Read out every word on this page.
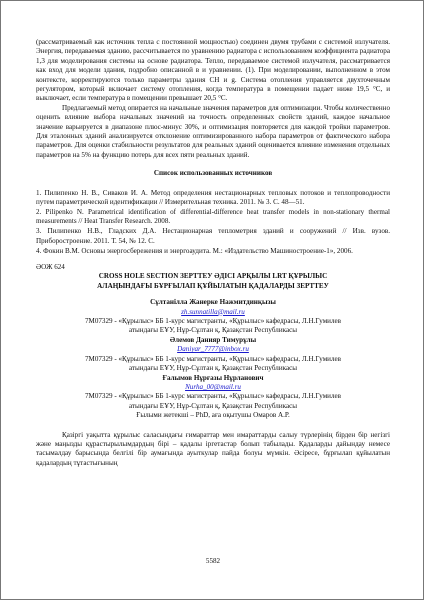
(рассматриваемый как источник тепла с постоянной мощностью) соединен двумя трубами с системой излучателя. Энергия, передаваемая зданию, рассчитывается по уравнению радиатора с использованием коэффициента радиатора 1,3 для моделирования системы на основе радиатора. Тепло, передаваемое системой излучателя, рассматривается как вход для модели здания, подробно описанной в и уравнении. (1). При моделировании, выполненном в этом контексте, корректируются только параметры здания CH и g. Система отопления управляется двухточечным регулятором, который включает систему отопления, когда температура в помещении падает ниже 19,5 °С, и выключает, если температура в помещении превышает 20,5 °С.

Предлагаемый метод опирается на начальные значения параметров для оптимизации. Чтобы количественно оценить влияние выбора начальных значений на точность определенных свойств зданий, каждое начальное значение варьируется в диапазоне плюс-минус 30%, и оптимизация повторяется для каждой тройки параметров. Для эталонных зданий анализируется отклонение оптимизированного набора параметров от фактического набора параметров. Для оценки стабильности результатов для реальных зданий оценивается влияние изменения отдельных параметров на 5% на функцию потерь для всех пяти реальных зданий.

Список использованных источников

1. Пилипенко Н. В., Сиваков И. А. Метод определения нестационарных тепловых потоков и теплопроводности путем параметрической идентификации // Измерительная техника. 2011. № 3. С. 48—51.

2. Pilipenko N. Parametrical identification of differential-difference heat transfer models in non-stationary thermal measurements // Heat Transfer Research. 2008.

3. Пилипенко Н.В., Гладских Д.А. Нестационарная теплометрия зданий и сооружений // Изв. вузов. Приборостроение. 2011. Т. 54, № 12. С.

4. Фокин В.М. Основы энергосбережения и энергоаудита. М.: «Издательство Машиностроение-1», 2006.

ӘОЖ 624
CROSS HOLE SECTION ЗЕРТТЕУ ӘДІСІ АРҚЫЛЫ LRT ҚҰРЫЛЫС
АЛАҢЫНДАҒЫ БҰРҒЫЛАП ҚҰЙЫЛАТЫН ҚАДАЛАРДЫ ЗЕРТТЕУ
Сұлтанілла Жанерке Нажмитдинқызы
zh.sunnatilla@mail.ru
7М07329 - «Құрылыс» ББ 1-курс магистранты, «Құрылыс» кафедрасы, Л.Н.Гумилев
атындағы ЕҰУ, Нұр-Сұлтан қ, Қазақстан Республикасы
Әлемов Данияр Тимурұлы
Daniyar_7777@inbox.ru
7М07329 - «Құрылыс» ББ 1-курс магистранты, «Құрылыс» кафедрасы, Л.Н.Гумилев
атындағы ЕҰУ, Нұр-Сұлтан қ, Қазақстан Республикасы
Ғалымов Нұрғазы Нұрланович
Nurha_00@mail.ru
7М07329 - «Құрылыс» ББ 1-курс магистранты, «Құрылыс» кафедрасы, Л.Н.Гумилев
атындағы ЕҰУ, Нұр-Сұлтан қ, Қазақстан Республикасы
Ғылыми жетекші – PhD, аға оқытушы Омаров А.Р.

Қазіргі уақытта құрылыс саласындағы ғимараттар мен имараттарды салыу түрлерінің бірден бір негізгі және маңызды құрастырылымдардың бірі – қадалы іргетастар болып табылады. Қадаларды дайындау немесе тасымалдау барысында белгілі бір аумағында ауыткулар пайда болуы мүмкін. Әсіресе, бұрғылап құйылатын қадалардың тұтастығының

5582
